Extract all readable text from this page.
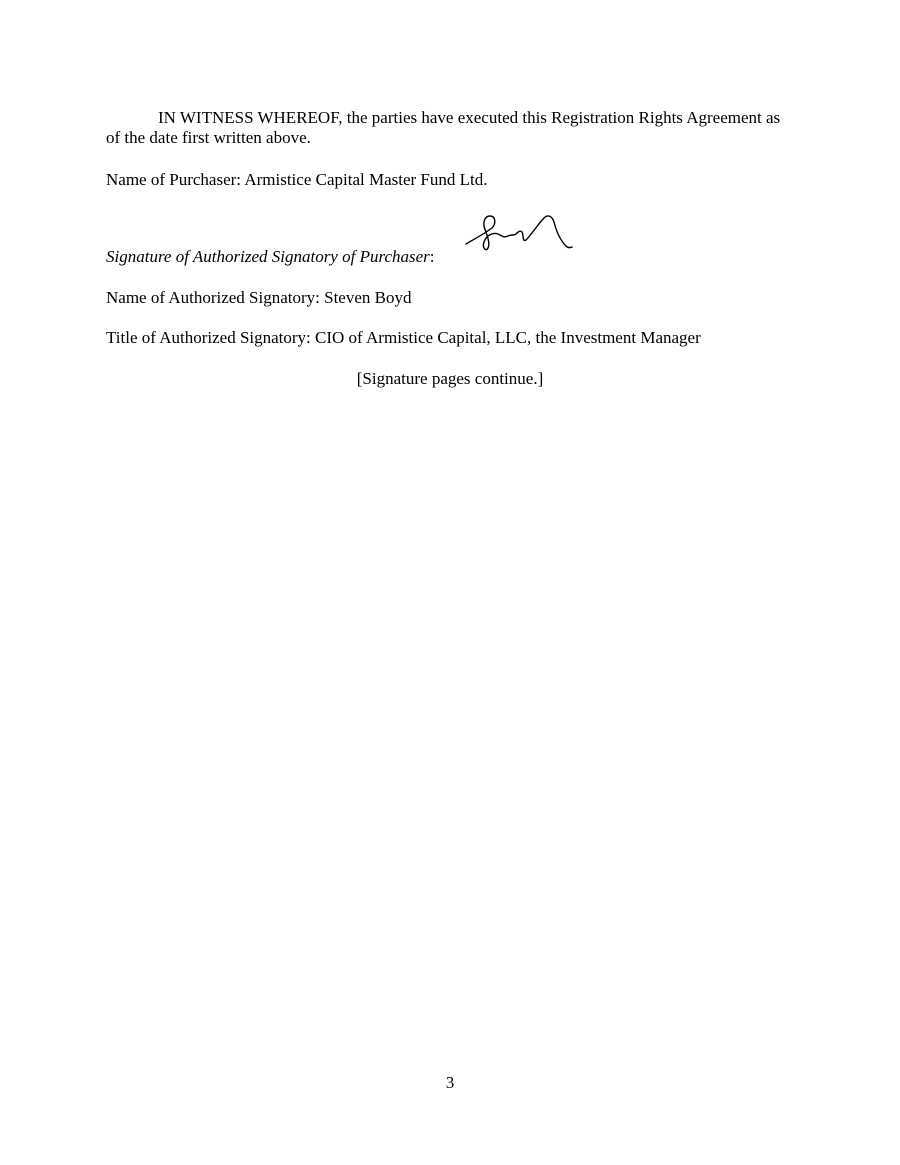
IN WITNESS WHEREOF, the parties have executed this Registration Rights Agreement as of the date first written above.

Name of Purchaser: Armistice Capital Master Fund Ltd.

Signature of Authorized Signatory of Purchaser:

Name of Authorized Signatory: Steven Boyd

Title of Authorized Signatory: CIO of Armistice Capital, LLC, the Investment Manager

[Signature pages continue.]

3
